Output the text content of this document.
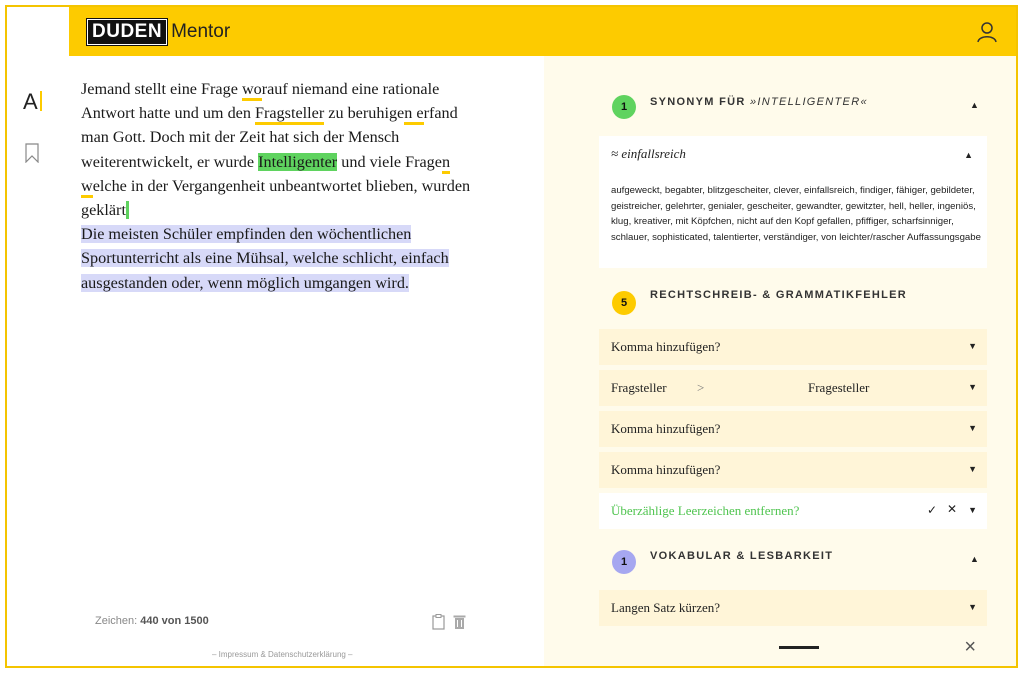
A
DUDEN Mentor
Jemand stellt eine Frage worauf niemand eine rationale Antwort hatte und um den Fragsteller zu beruhigen erfand man Gott. Doch mit der Zeit hat sich der Mensch weiterentwickelt, er wurde Intelligenter und viele Fragen welche in der Vergangenheit unbeantwortet blieben, wurden geklärt
Die meisten Schüler empfinden den wöchentlichen Sportunterricht als eine Mühsal, welche schlicht, einfach ausgestanden oder, wenn möglich umgangen wird.
Zeichen: 440 von 1500
– Impressum & Datenschutzerklärung –
1	SYNONYM FÜR »INTELLIGENTER«	▲
≈ einfallsreich	▲
aufgeweckt, begabter, blitzgescheiter, clever, einfallsreich, findiger, fähiger, gebildeter, geistreicher, gelehrter, genialer, gescheiter, gewandter, gewitzter, hell, heller, ingeniös, klug, kreativer, mit Köpfchen, nicht auf den Kopf gefallen, pfiffiger, scharfsinniger, schlauer, sophisticated, talentierter, verständiger, von leichter/rascher Auffassungsgabe
5
RECHTSCHREIB- & GRAMMATIKFEHLER
Komma hinzufügen?	▼
Fragsteller >	Fragesteller	▼
Komma hinzufügen?	▼
Komma hinzufügen?	▼
Überzählige Leerzeichen entfernen?	✓ ✕ ▼
1	VOKABULAR & LESBARKEIT	▲
Langen Satz kürzen?	▼
×
